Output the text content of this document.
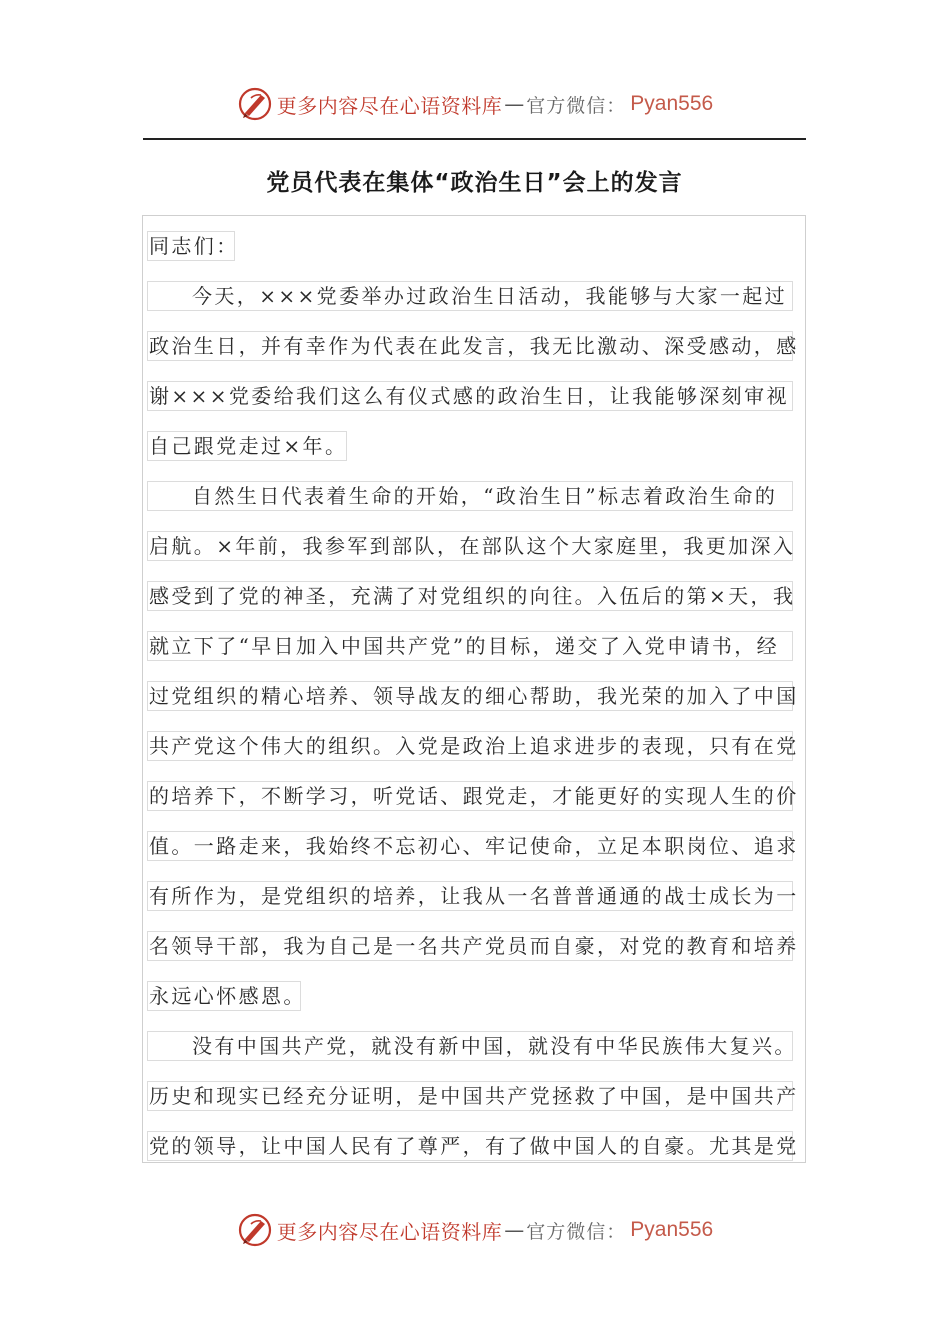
更多内容尽在心语资料库 — 官方微信： Pyan556
党员代表在集体“政治生日”会上的发言
同志们：
今天，×××党委举办过政治生日活动，我能够与大家一起过
政治生日，并有幸作为代表在此发言，我无比激动、深受感动，感
谢×××党委给我们这么有仪式感的政治生日，让我能够深刻审视
自己跟党走过×年。
自然生日代表着生命的开始，“政治生日”标志着政治生命的
启航。×年前，我参军到部队，在部队这个大家庭里，我更加深入
感受到了党的神圣，充满了对党组织的向往。入伍后的第×天，我
就立下了“早日加入中国共产党”的目标，递交了入党申请书，经
过党组织的精心培养、领导战友的细心帮助，我光荣的加入了中国
共产党这个伟大的组织。入党是政治上追求进步的表现，只有在党
的培养下，不断学习，听党话、跟党走，才能更好的实现人生的价
值。一路走来，我始终不忘初心、牢记使命，立足本职岗位、追求
有所作为，是党组织的培养，让我从一名普普通通的战士成长为一
名领导干部，我为自己是一名共产党员而自豪，对党的教育和培养
永远心怀感恩。
没有中国共产党，就没有新中国，就没有中华民族伟大复兴。
历史和现实已经充分证明，是中国共产党拯救了中国，是中国共产
党的领导，让中国人民有了尊严，有了做中国人的自豪。尤其是党
更多内容尽在心语资料库 — 官方微信： Pyan556
